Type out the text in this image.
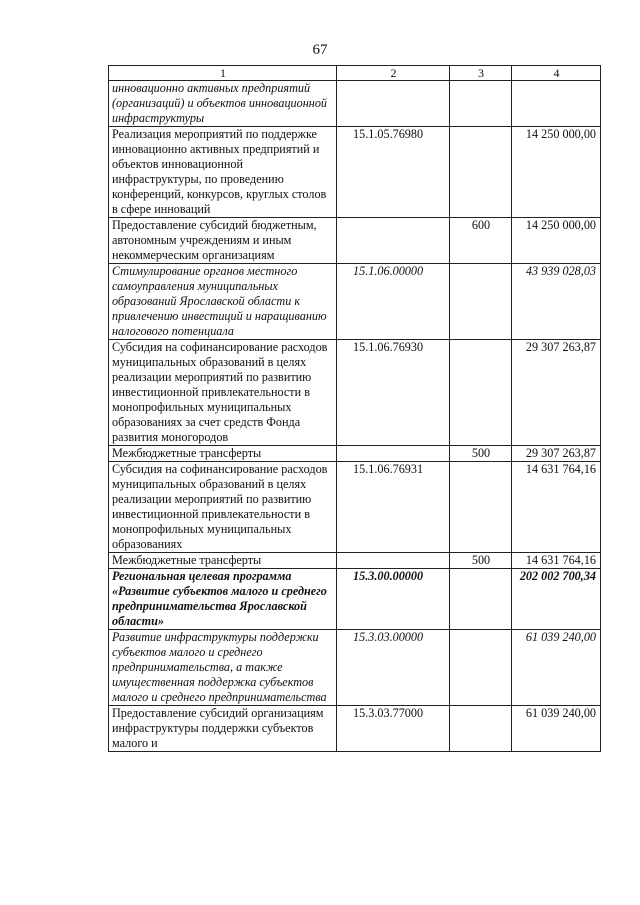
67
1	2	3	4
инновационно активных предприятий (организаций) и объектов инновационной инфраструктуры			
Реализация мероприятий по поддержке инновационно активных предприятий и объектов инновационной инфраструктуры, по проведению конференций, конкурсов, круглых столов в сфере инноваций	15.1.05.76980		14 250 000,00
Предоставление субсидий бюджетным, автономным учреждениям и иным некоммерческим организациям		600	14 250 000,00
Стимулирование органов местного самоуправления муниципальных образований Ярославской области к привлечению инвестиций и наращиванию налогового потенциала	15.1.06.00000		43 939 028,03
Субсидия на софинансирование расходов муниципальных образований в целях реализации мероприятий по развитию инвестиционной привлекательности в монопрофильных муниципальных образованиях за счет средств Фонда развития моногородов	15.1.06.76930		29 307 263,87
Межбюджетные трансферты		500	29 307 263,87
Субсидия на софинансирование расходов муниципальных образований в целях реализации мероприятий по развитию инвестиционной привлекательности в монопрофильных муниципальных образованиях	15.1.06.76931		14 631 764,16
Межбюджетные трансферты		500	14 631 764,16
Региональная целевая программа «Развитие субъектов малого и среднего предпринимательства Ярославской области»	15.3.00.00000		202 002 700,34
Развитие инфраструктуры поддержки субъектов малого и среднего предпринимательства, а также имущественная поддержка субъектов малого и среднего предпринимательства	15.3.03.00000		61 039 240,00
Предоставление субсидий организациям инфраструктуры поддержки субъектов малого и	15.3.03.77000		61 039 240,00
